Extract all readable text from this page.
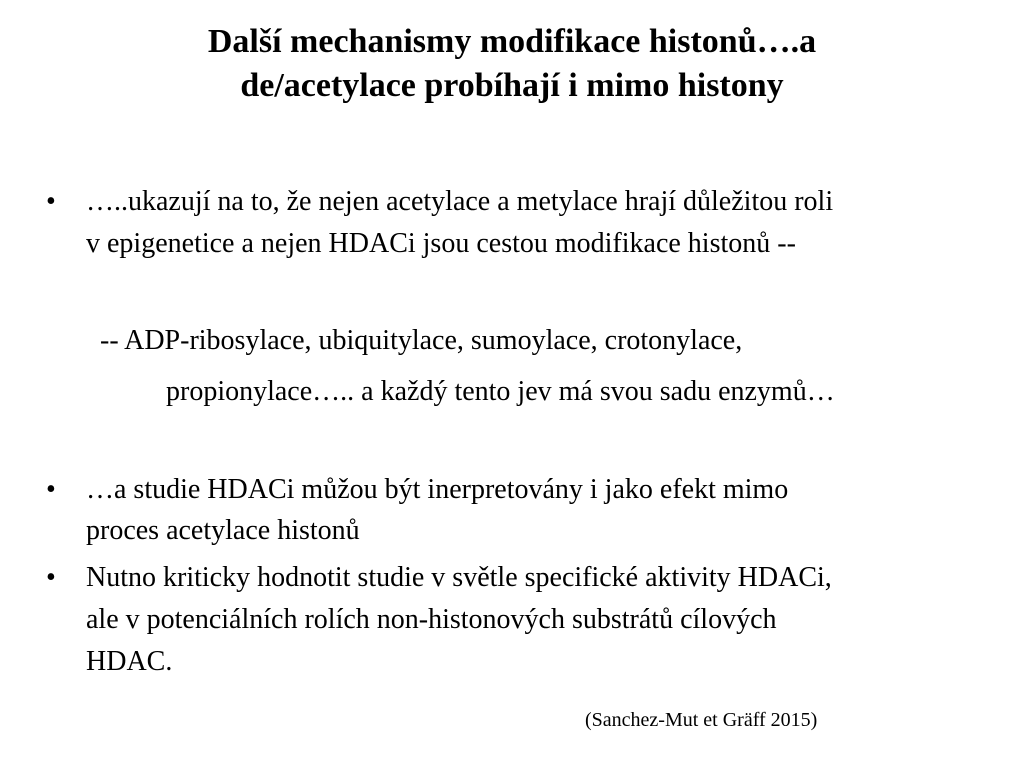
Další mechanismy modifikace histonů….a
de/acetylace probíhají i mimo histony
• …..ukazují na to, že nejen acetylace a metylace hrají důležitou roli
v epigenetice a nejen HDACi jsou cestou modifikace histonů --
-- ADP-ribosylace, ubiquitylace, sumoylace, crotonylace,
propionylace….. a každý tento jev má svou sadu enzymů…
• …a studie HDACi můžou být inerpretovány i jako efekt mimo
proces acetylace histonů
• Nutno kriticky hodnotit studie v světle specifické aktivity HDACi,
ale v potenciálních rolích non-histonových substrátů cílových
HDAC.
(Sanchez-Mut et Gräff 2015)
